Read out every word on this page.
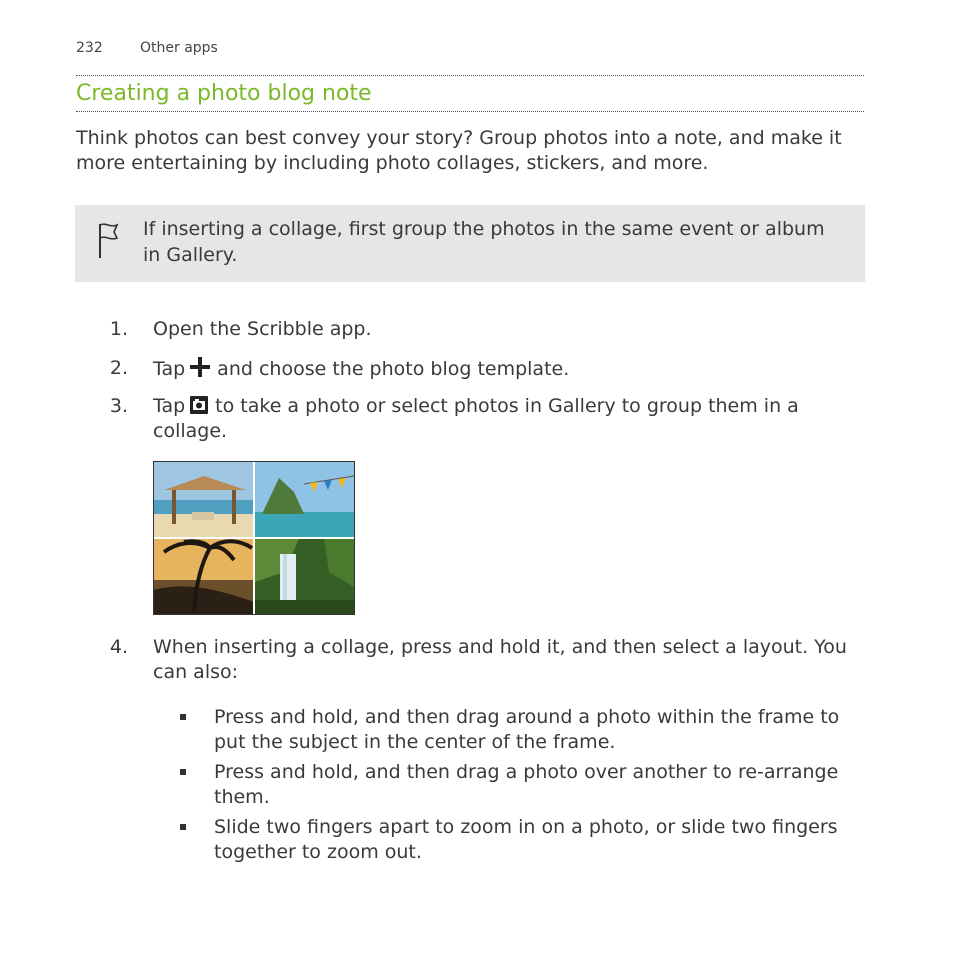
232	Other apps
Creating a photo blog note

Think photos can best convey your story? Group photos into a note, and make it more entertaining by including photo collages, stickers, and more.

If inserting a collage, first group the photos in the same event or album in Gallery.

1. Open the Scribble app.
2. Tap and choose the photo blog template.
3. Tap to take a photo or select photos in Gallery to group them in a collage.
4. When inserting a collage, press and hold it, and then select a layout. You can also:
Press and hold, and then drag around a photo within the frame to put the subject in the center of the frame.
Press and hold, and then drag a photo over another to re-arrange them.
Slide two fingers apart to zoom in on a photo, or slide two fingers together to zoom out.
